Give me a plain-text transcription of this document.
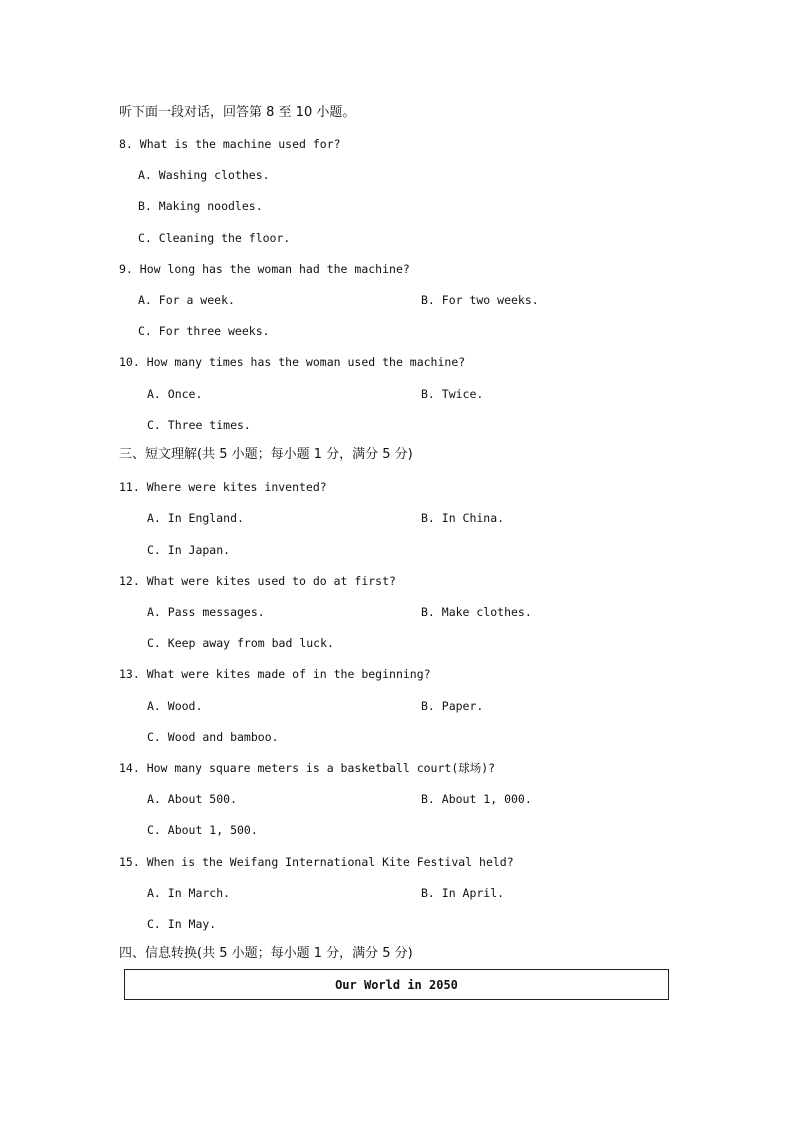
听下面一段对话，回答第 8 至 10 小题。
8. What is the machine used for?
A. Washing clothes.
B. Making noodles.
C. Cleaning the floor.
9. How long has the woman had the machine?
A. For a week.	B. For two weeks.
C. For three weeks.
10. How many times has the woman used the machine?
A. Once.	B. Twice.
C. Three times.
三、短文理解(共 5 小题；每小题 1 分，满分 5 分)
11. Where were kites invented?
A. In England.	B. In China.
C. In Japan.
12. What were kites used to do at first?
A. Pass messages.	B. Make clothes.
C. Keep away from bad luck.
13. What were kites made of in the beginning?
A. Wood.	B. Paper.
C. Wood and bamboo.
14. How many square meters is a basketball court(球场)?
A. About 500.	B. About 1, 000.
C. About 1, 500.
15. When is the Weifang International Kite Festival held?
A. In March.	B. In April.
C. In May.
四、信息转换(共 5 小题；每小题 1 分，满分 5 分)
Our World in 2050
